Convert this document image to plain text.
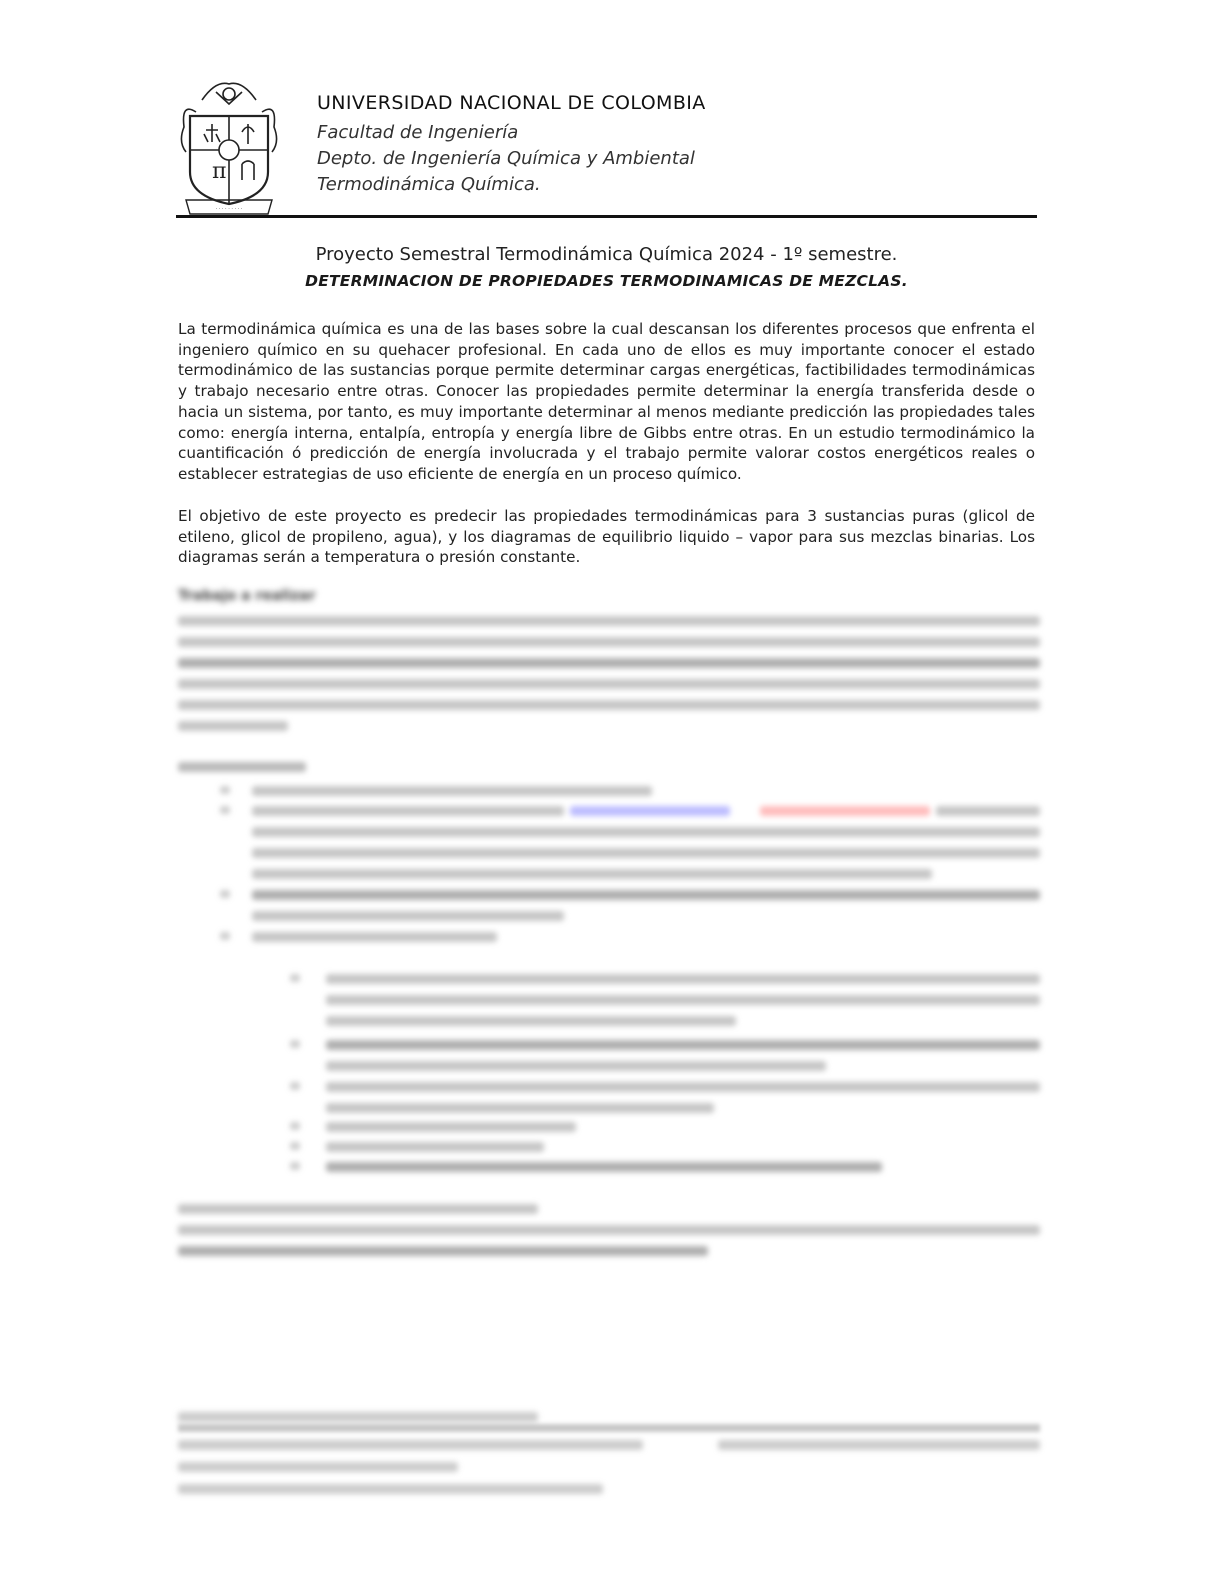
π
· · · · · · · · ·

UNIVERSIDAD NACIONAL DE COLOMBIA

Facultad de Ingeniería

Depto. de Ingeniería Química y Ambiental

Termodinámica Química.

Proyecto Semestral Termodinámica Química 2024 - 1º semestre.

DETERMINACION DE PROPIEDADES TERMODINAMICAS DE MEZCLAS.

La termodinámica química es una de las bases sobre la cual descansan los diferentes procesos que enfrenta el ingeniero químico en su quehacer profesional. En cada uno de ellos es muy importante conocer el estado termodinámico de las sustancias porque permite determinar cargas energéticas, factibilidades termodinámicas y trabajo necesario entre otras. Conocer las propiedades permite determinar la energía transferida desde o hacia un sistema, por tanto, es muy importante determinar al menos mediante predicción las propiedades tales como: energía interna, entalpía, entropía y energía libre de Gibbs entre otras. En un estudio termodinámico la cuantificación ó predicción de energía involucrada y el trabajo permite valorar costos energéticos reales o establecer estrategias de uso eficiente de energía en un proceso químico.

El objetivo de este proyecto es predecir las propiedades termodinámicas para 3 sustancias puras (glicol de etileno, glicol de propileno, agua), y los diagramas de equilibrio liquido – vapor para sus mezclas binarias. Los diagramas serán a temperatura o presión constante.

Trabajo a realizar
